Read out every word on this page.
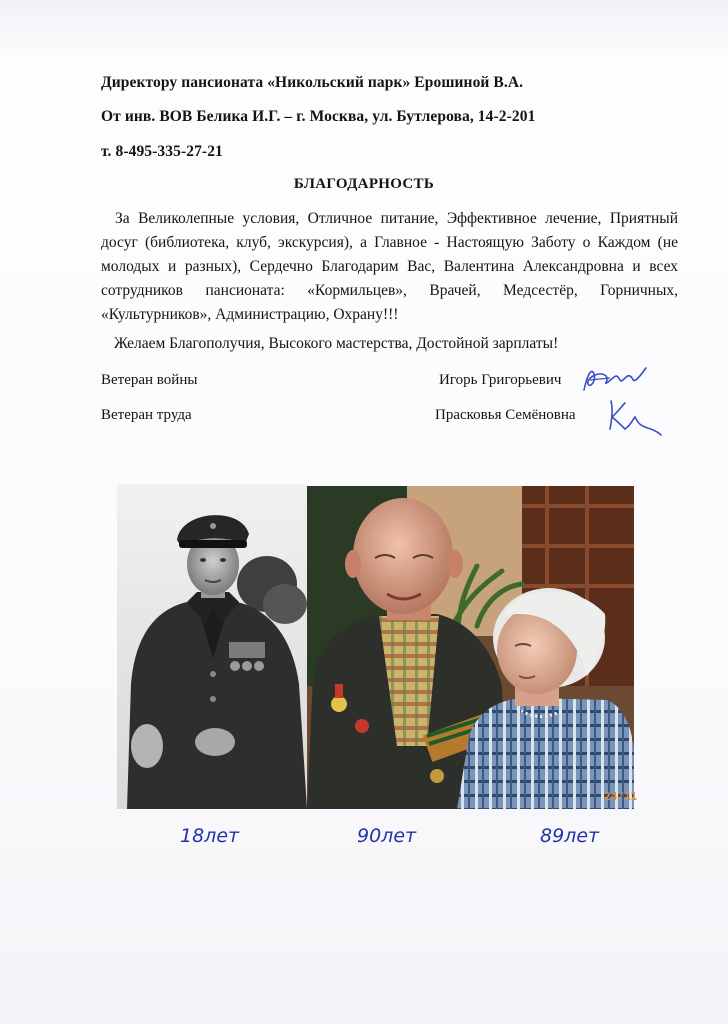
Директору пансионата «Никольский парк» Ерошиной В.А.
От инв. ВОВ Белика И.Г. – г. Москва, ул. Бутлерова, 14-2-201
т. 8-495-335-27-21
БЛАГОДАРНОСТЬ
За Великолепные условия, Отличное питание, Эффективное лечение, Приятный досуг (библиотека, клуб, экскурсия), а Главное - Настоящую Заботу о Каждом (не молодых и разных), Сердечно Благодарим Вас, Валентина Александровна и всех сотрудников пансионата: «Кормильцев», Врачей, Медсестёр, Горничных, «Культурников», Администрацию, Охрану!!!
Желаем Благополучия, Высокого мастерства, Достойной зарплаты!
Ветеран войны	Игорь Григорьевич
Ветеран труда	Прасковья Семёновна
24/11
18лет	90лет	89лет
